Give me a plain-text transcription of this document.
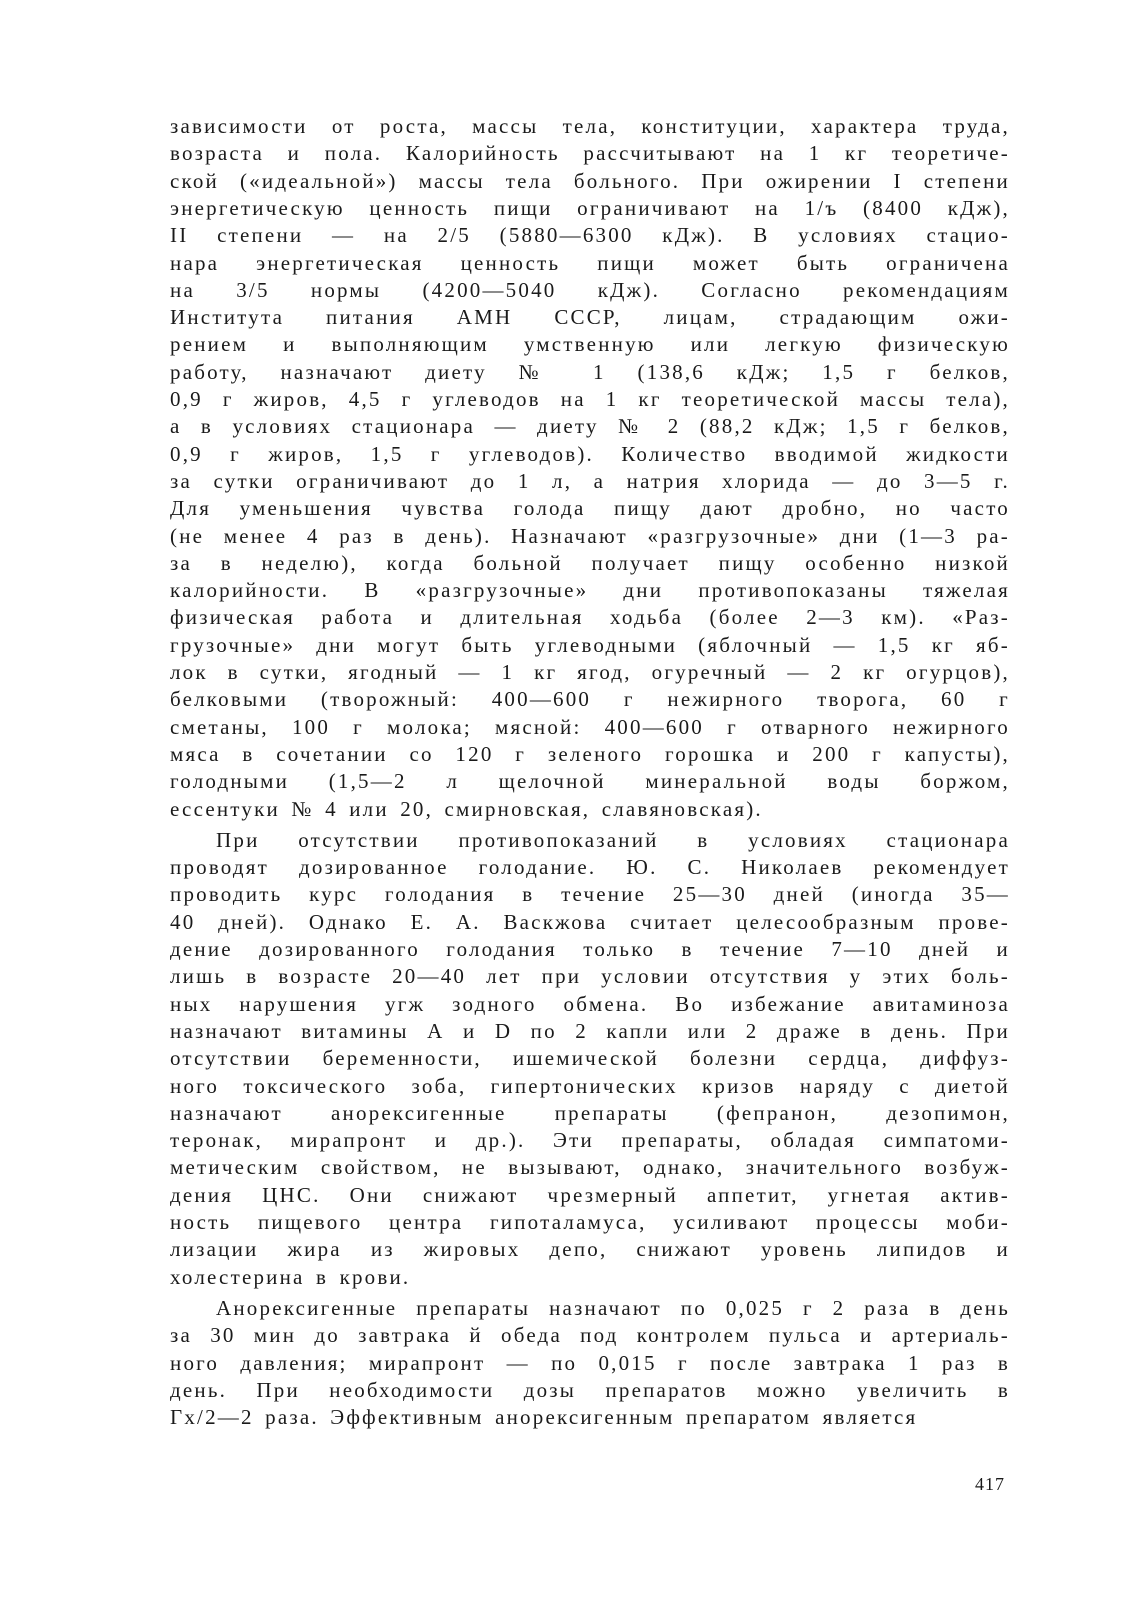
зависимости от роста, массы тела, конституции, характера труда,
возраста и пола. Калорийность рассчитывают на 1 кг теоретиче-
ской («идеальной») массы тела больного. При ожирении I степени
энергетическую ценность пищи ограничивают на 1/ъ (8400 кДж),
II степени — на 2/5 (5880—6300 кДж). В условиях стацио-
нара энергетическая ценность пищи может быть ограничена
на 3/5 нормы (4200—5040 кДж). Согласно рекомендациям
Института питания АМН СССР, лицам, страдающим ожи-
рением и выполняющим умственную или легкую физическую
работу, назначают диету № 1 (138,6 кДж; 1,5 г белков,
0,9 г жиров, 4,5 г углеводов на 1 кг теоретической массы тела),
а в условиях стационара — диету № 2 (88,2 кДж; 1,5 г белков,
0,9 г жиров, 1,5 г углеводов). Количество вводимой жидкости
за сутки ограничивают до 1 л, а натрия хлорида — до 3—5 г.
Для уменьшения чувства голода пищу дают дробно, но часто
(не менее 4 раз в день). Назначают «разгрузочные» дни (1—3 ра-
за в неделю), когда больной получает пищу особенно низкой
калорийности. В «разгрузочные» дни противопоказаны тяжелая
физическая работа и длительная ходьба (более 2—3 км). «Раз-
грузочные» дни могут быть углеводными (яблочный — 1,5 кг яб-
лок в сутки, ягодный — 1 кг ягод, огуречный — 2 кг огурцов),
белковыми (творожный: 400—600 г нежирного творога, 60 г
сметаны, 100 г молока; мясной: 400—600 г отварного нежирного
мяса в сочетании со 120 г зеленого горошка и 200 г капусты),
голодными (1,5—2 л щелочной минеральной воды боржом,
ессентуки № 4 или 20, смирновская, славяновская).
При отсутствии противопоказаний в условиях стационара
проводят дозированное голодание. Ю. С. Николаев рекомендует
проводить курс голодания в течение 25—30 дней (иногда 35—
40 дней). Однако Е. А. Васкжова считает целесообразным прове-
дение дозированного голодания только в течение 7—10 дней и
лишь в возрасте 20—40 лет при условии отсутствия у этих боль-
ных нарушения угж зодного обмена. Во избежание авитаминоза
назначают витамины А и D по 2 капли или 2 драже в день. При
отсутствии беременности, ишемической болезни сердца, диффуз-
ного токсического зоба, гипертонических кризов наряду с диетой
назначают анорексигенные препараты (фепранон, дезопимон,
теронак, мирапронт и др.). Эти препараты, обладая симпатоми-
метическим свойством, не вызывают, однако, значительного возбуж-
дения ЦНС. Они снижают чрезмерный аппетит, угнетая актив-
ность пищевого центра гипоталамуса, усиливают процессы моби-
лизации жира из жировых депо, снижают уровень липидов и
холестерина в крови.
Анорексигенные препараты назначают по 0,025 г 2 раза в день
за 30 мин до завтрака й обеда под контролем пульса и артериаль-
ного давления; мирапронт — по 0,015 г после завтрака 1 раз в
день. При необходимости дозы препаратов можно увеличить в
Гx/2—2 раза. Эффективным анорексигенным препаратом является
417
